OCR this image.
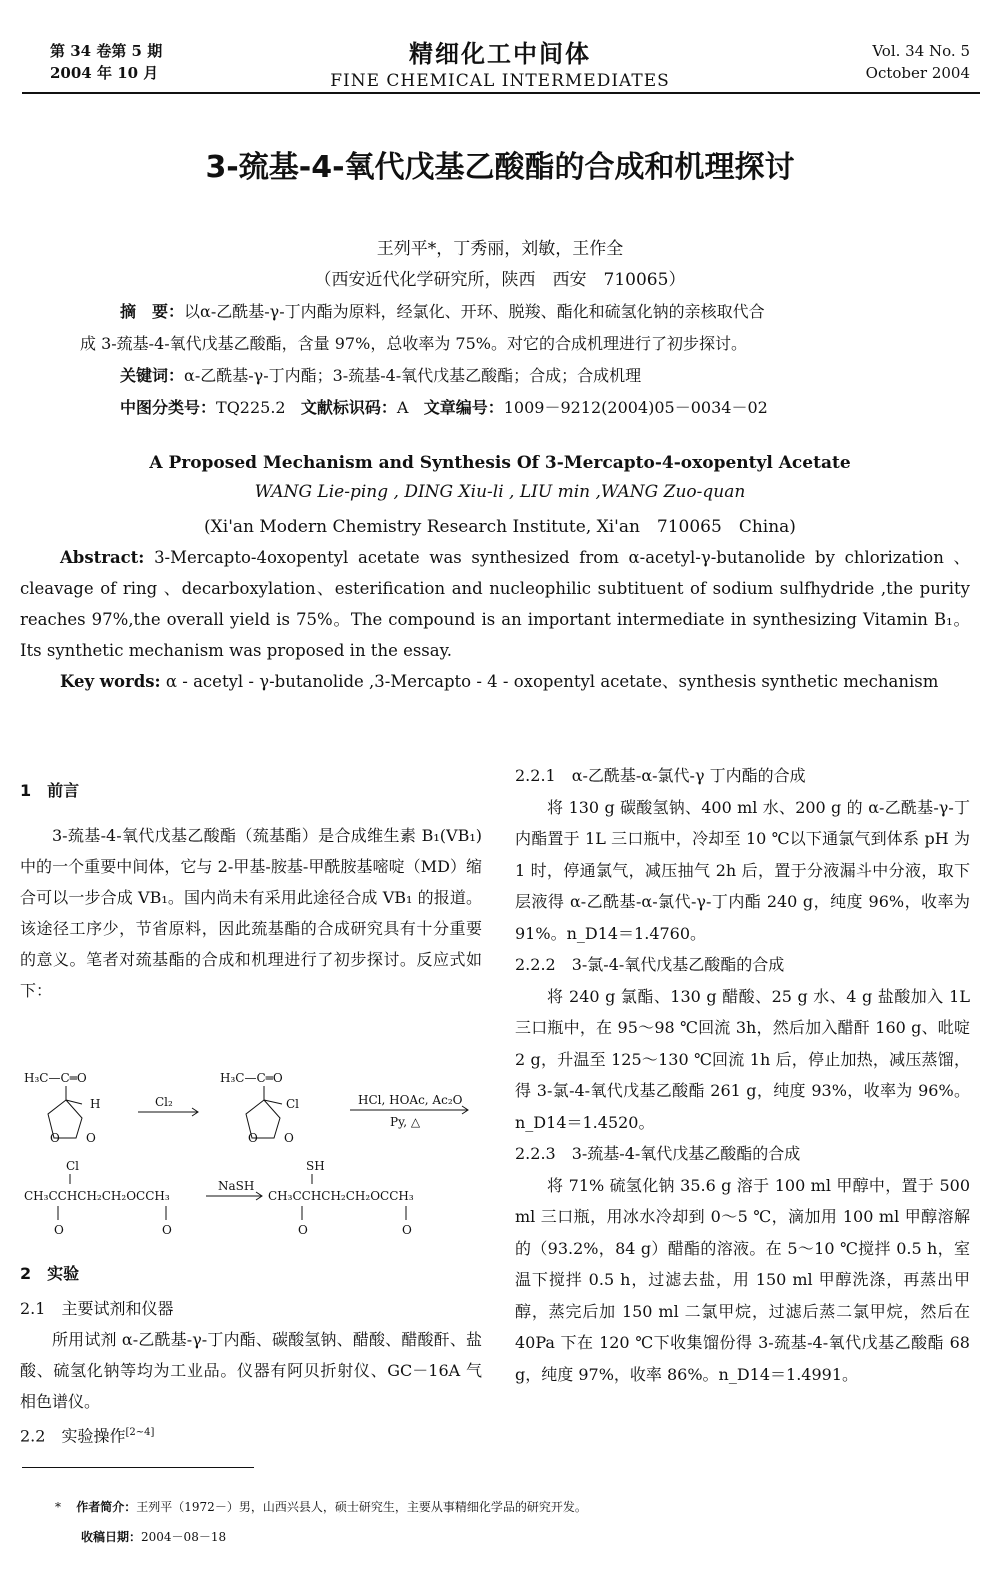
第 34 卷第 5 期
2004 年 10 月
精细化工中间体
FINE CHEMICAL INTERMEDIATES
Vol. 34 No. 5
October 2004
3-巯基-4-氧代戊基乙酸酯的合成和机理探讨
王列平*，丁秀丽，刘敏，王作全
（西安近代化学研究所，陕西　西安　710065）

摘　要：以α-乙酰基-γ-丁内酯为原料，经氯化、开环、脱羧、酯化和硫氢化钠的亲核取代合

成 3-巯基-4-氧代戊基乙酸酯，含量 97%，总收率为 75%。对它的合成机理进行了初步探讨。

关键词：α-乙酰基-γ-丁内酯；3-巯基-4-氧代戊基乙酸酯；合成；合成机理

中图分类号：TQ225.2 文献标识码：A 文章编号：1009－9212(2004)05－0034－02

A Proposed Mechanism and Synthesis Of 3-Mercapto-4-oxopentyl Acetate
WANG Lie-ping , DING Xiu-li , LIU min ,WANG Zuo-quan
(Xi'an Modern Chemistry Research Institute, Xi'an　710065　China)

Abstract: 3-Mercapto-4oxopentyl acetate was synthesized from α-acetyl-γ-butanolide by chlorization 、cleavage of ring 、decarboxylation、esterification and nucleophilic subtituent of sodium sulfhydride ,the purity reaches 97%,the overall yield is 75%。The compound is an important intermediate in synthesizing Vitamin B₁。Its synthetic mechanism was proposed in the essay.

Key words: α - acetyl - γ-butanolide ,3-Mercapto - 4 - oxopentyl acetate、synthesis synthetic mechanism

1　前言

3-巯基-4-氧代戊基乙酸酯（巯基酯）是合成维生素 B₁(VB₁) 中的一个重要中间体，它与 2-甲基-胺基-甲酰胺基嘧啶（MD）缩合可以一步合成 VB₁。国内尚未有采用此途径合成 VB₁ 的报道。该途径工序少，节省原料，因此巯基酯的合成研究具有十分重要的意义。笔者对巯基酯的合成和机理进行了初步探讨。反应式如下：

H₃C—C═O
H
O O
Cl₂
H₃C—C═O
Cl
O O
HCl, HOAc, Ac₂O
Py, △
Cl
CH₃CCHCH₂CH₂OCCH₃
O	O
NaSH
SH
CH₃CCHCH₂CH₂OCCH₃
O	O

2　实验

2.1　主要试剂和仪器

所用试剂 α-乙酰基-γ-丁内酯、碳酸氢钠、醋酸、醋酸酐、盐酸、硫氢化钠等均为工业品。仪器有阿贝折射仪、GC－16A 气相色谱仪。

2.2　实验操作[2~4]

2.2.1　α-乙酰基-α-氯代-γ 丁内酯的合成

将 130 g 碳酸氢钠、400 ml 水、200 g 的 α-乙酰基-γ-丁内酯置于 1L 三口瓶中，冷却至 10 ℃以下通氯气到体系 pH 为 1 时，停通氯气，减压抽气 2h 后，置于分液漏斗中分液，取下层液得 α-乙酰基-α-氯代-γ-丁内酯 240 g，纯度 96%，收率为 91%。n_D14＝1.4760。

2.2.2　3-氯-4-氧代戊基乙酸酯的合成

将 240 g 氯酯、130 g 醋酸、25 g 水、4 g 盐酸加入 1L 三口瓶中，在 95～98 ℃回流 3h，然后加入醋酐 160 g、吡啶 2 g，升温至 125～130 ℃回流 1h 后，停止加热，减压蒸馏，得 3-氯-4-氧代戊基乙酸酯 261 g，纯度 93%，收率为 96%。n_D14＝1.4520。

2.2.3　3-巯基-4-氧代戊基乙酸酯的合成

将 71% 硫氢化钠 35.6 g 溶于 100 ml 甲醇中，置于 500 ml 三口瓶，用冰水冷却到 0～5 ℃，滴加用 100 ml 甲醇溶解的（93.2%，84 g）醋酯的溶液。在 5～10 ℃搅拌 0.5 h，室温下搅拌 0.5 h，过滤去盐，用 150 ml 甲醇洗涤，再蒸出甲醇，蒸完后加 150 ml 二氯甲烷，过滤后蒸二氯甲烷，然后在 40Pa 下在 120 ℃下收集馏份得 3-巯基-4-氧代戊基乙酸酯 68 g，纯度 97%，收率 86%。n_D14＝1.4991。

* 作者简介：王列平（1972－）男，山西兴县人，硕士研究生，主要从事精细化学品的研究开发。
收稿日期：2004－08－18
